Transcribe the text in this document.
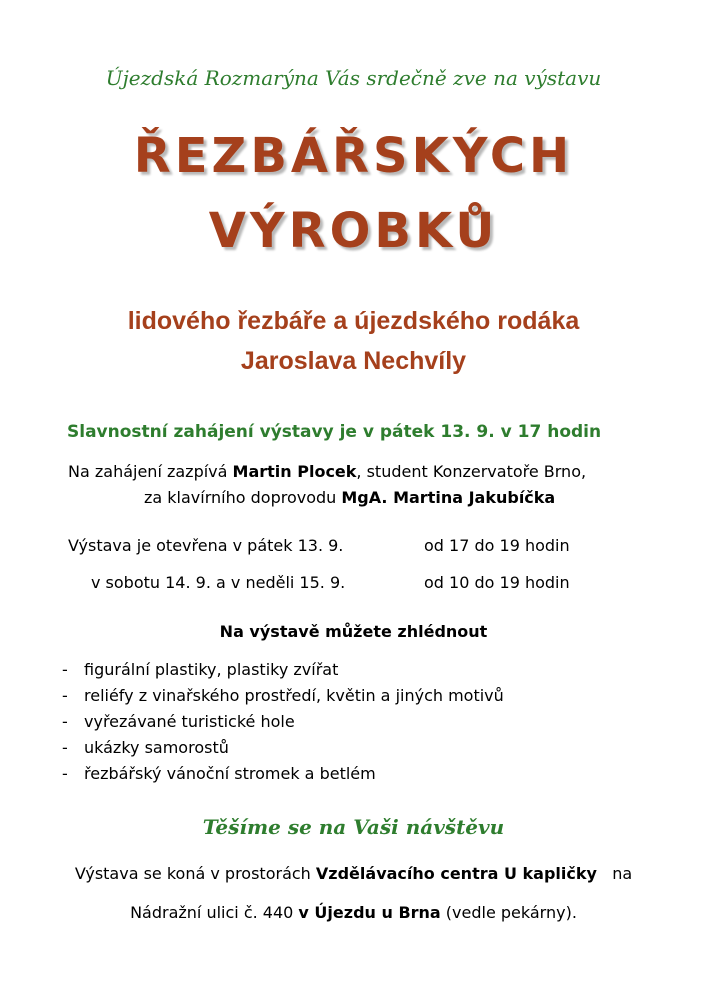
Újezdská Rozmarýna Vás srdečně zve na výstavu
ŘEZBÁŘSKÝCH
VÝROBKŮ
lidového řezbáře a újezdského rodáka
Jaroslava Nechvíly
Slavnostní zahájení výstavy je v pátek 13. 9. v 17 hodin
Na zahájení zazpívá Martin Plocek, student Konzervatoře Brno,
za klavírního doprovodu MgA. Martina Jakubíčka
Výstava je otevřena v pátek 13. 9.	od 17 do 19 hodin
v sobotu 14. 9. a v neděli 15. 9.	od 10 do 19 hodin
Na výstavě můžete zhlédnout
- figurální plastiky, plastiky zvířat
- reliéfy z vinařského prostředí, květin a jiných motivů
- vyřezávané turistické hole
- ukázky samorostů
- řezbářský vánoční stromek a betlém
Těšíme se na Vaši návštěvu
Výstava se koná v prostorách Vzdělávacího centra U kapličky   na
Nádražní ulici č. 440 v Újezdu u Brna (vedle pekárny).
